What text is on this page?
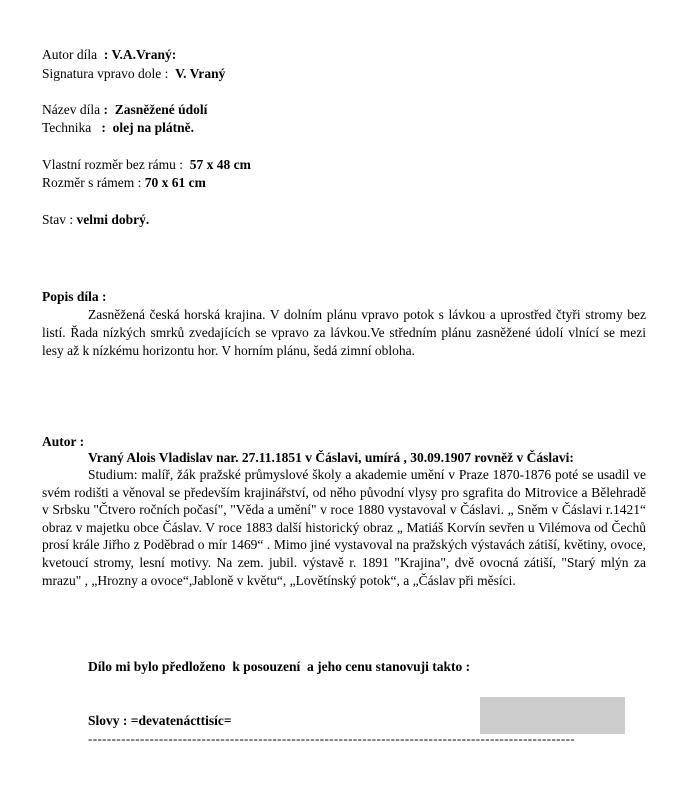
Autor díla : V.A.Vraný:
Signatura vpravo dole : V. Vraný
Název díla :  Zasněžené údolí
Technika :  olej na plátně.
Vlastní rozměr bez rámu : 57 x 48 cm
Rozměr s rámem : 70 x 61 cm
Stav : velmi dobrý.
Popis díla :
Zasněžená česká horská krajina. V dolním plánu vpravo potok s lávkou a uprostřed čtyři stromy bez listí. Řada nízkých smrků zvedajících se vpravo za lávkou.Ve středním plánu zasněžené údolí vlnící se mezi lesy až k nízkému horizontu hor. V horním plánu, šedá zimní obloha.
Autor :
Vraný Alois Vladislav nar. 27.11.1851 v Čáslavi, umírá , 30.09.1907 rovněž v Čáslavi:
Studium: malíř, žák pražské průmyslové školy a akademie umění v Praze 1870-1876 poté se usadil ve svém rodišti a věnoval se především krajinářství, od něho původní vlysy pro sgrafita do Mitrovice a Bělehradě v Srbsku "Čtvero ročních počasí", "Věda a umění" v roce 1880 vystavoval v Čáslavi. „ Sněm v Čáslavi r.1421“ obraz v majetku obce Čáslav. V roce 1883 další historický obraz „ Matiáš Korvín sevřen u Vilémova od Čechů prosí krále Jiřho z Poděbrad o mír 1469“ . Mimo jiné vystavoval na pražských výstavách zátiší, květiny, ovoce, kvetoucí stromy, lesní motivy. Na zem. jubil. výstavě r. 1891 "Krajina", dvě ovocná zátiší, "Starý mlýn za mrazu" , „Hrozny a ovoce“,Jabloně v květu“, „Lovětínský potok“, a „Čáslav při měsíci.
Dílo mi bylo předloženo  k posouzení  a jeho cenu stanovuji takto :
Slovy : =devatenácttisíc=
-------------------------------------------------------------------------------------------------------
